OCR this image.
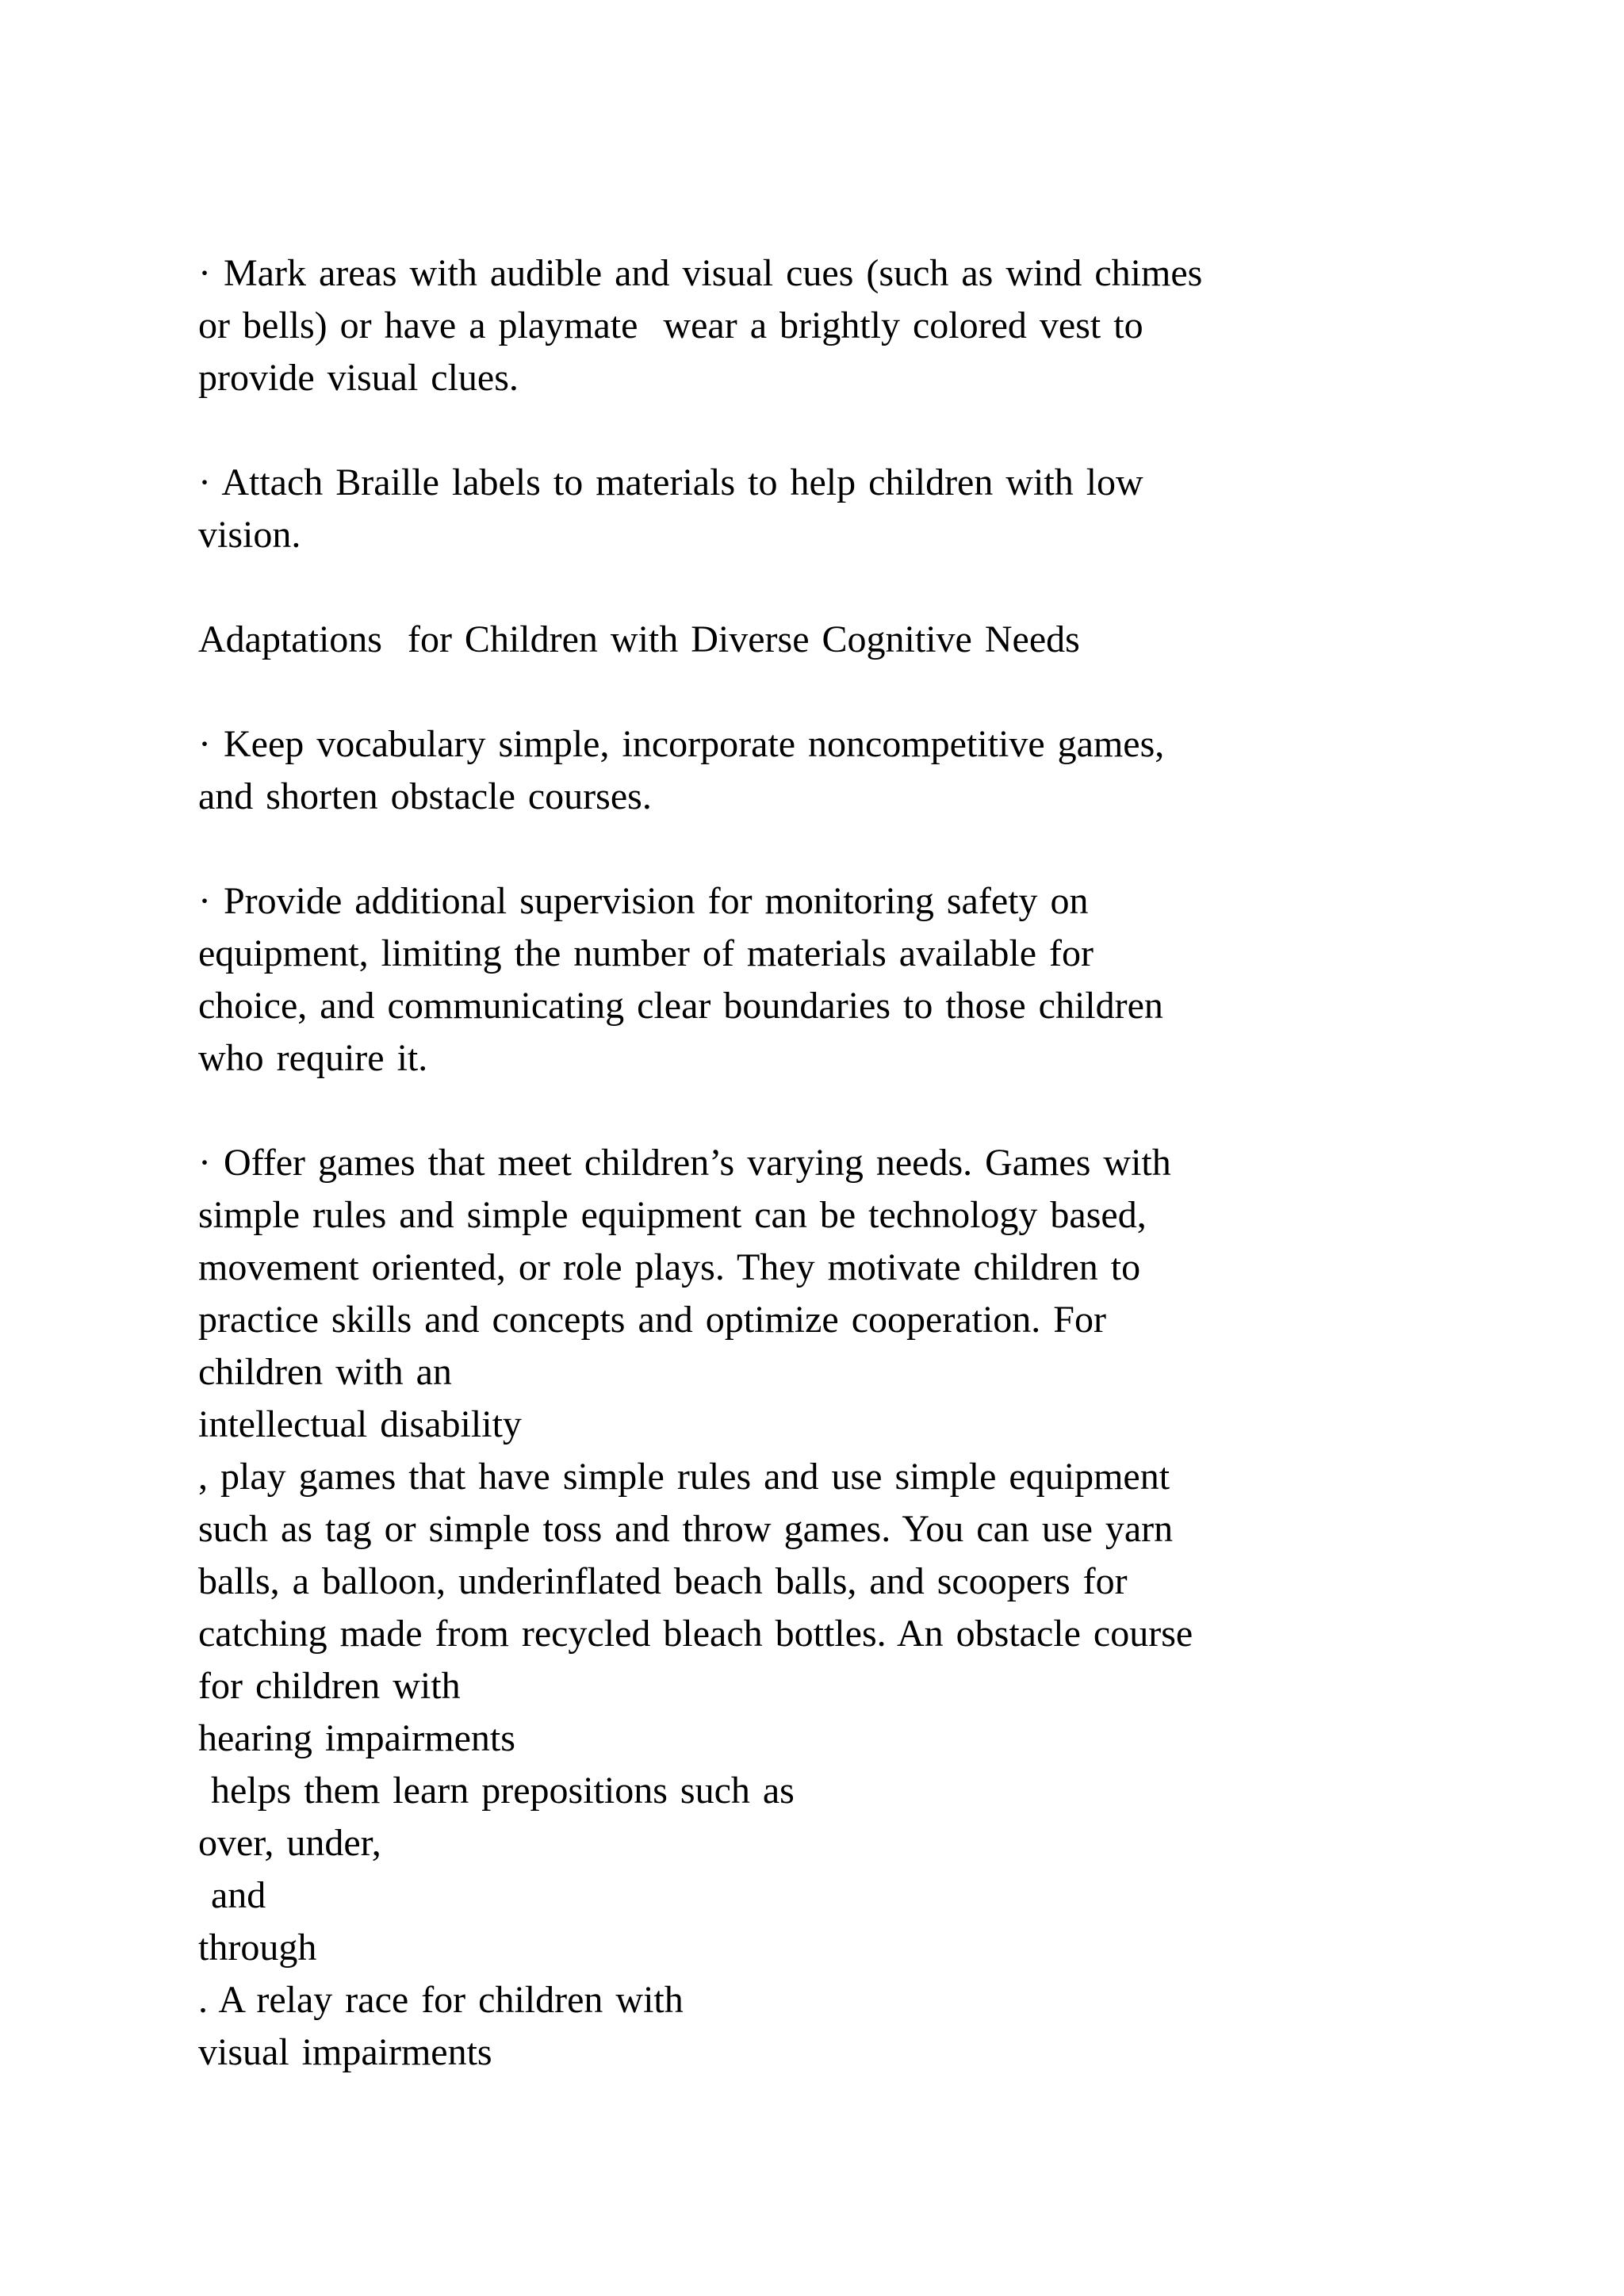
· Mark areas with audible and visual cues (such as wind chimes
or bells) or have a playmate  wear a brightly colored vest to
provide visual clues.
· Attach Braille labels to materials to help children with low
vision.
Adaptations  for Children with Diverse Cognitive Needs
· Keep vocabulary simple, incorporate noncompetitive games,
and shorten obstacle courses.
· Provide additional supervision for monitoring safety on
equipment, limiting the number of materials available for
choice, and communicating clear boundaries to those children
who require it.
· Offer games that meet children’s varying needs. Games with
simple rules and simple equipment can be technology based,
movement oriented, or role plays. They motivate children to
practice skills and concepts and optimize cooperation. For
children with an
intellectual disability
, play games that have simple rules and use simple equipment
such as tag or simple toss and throw games. You can use yarn
balls, a balloon, underinflated beach balls, and scoopers for
catching made from recycled bleach bottles. An obstacle course
for children with
hearing impairments
helps them learn prepositions such as
over, under,
and
through
. A relay race for children with
visual impairments
